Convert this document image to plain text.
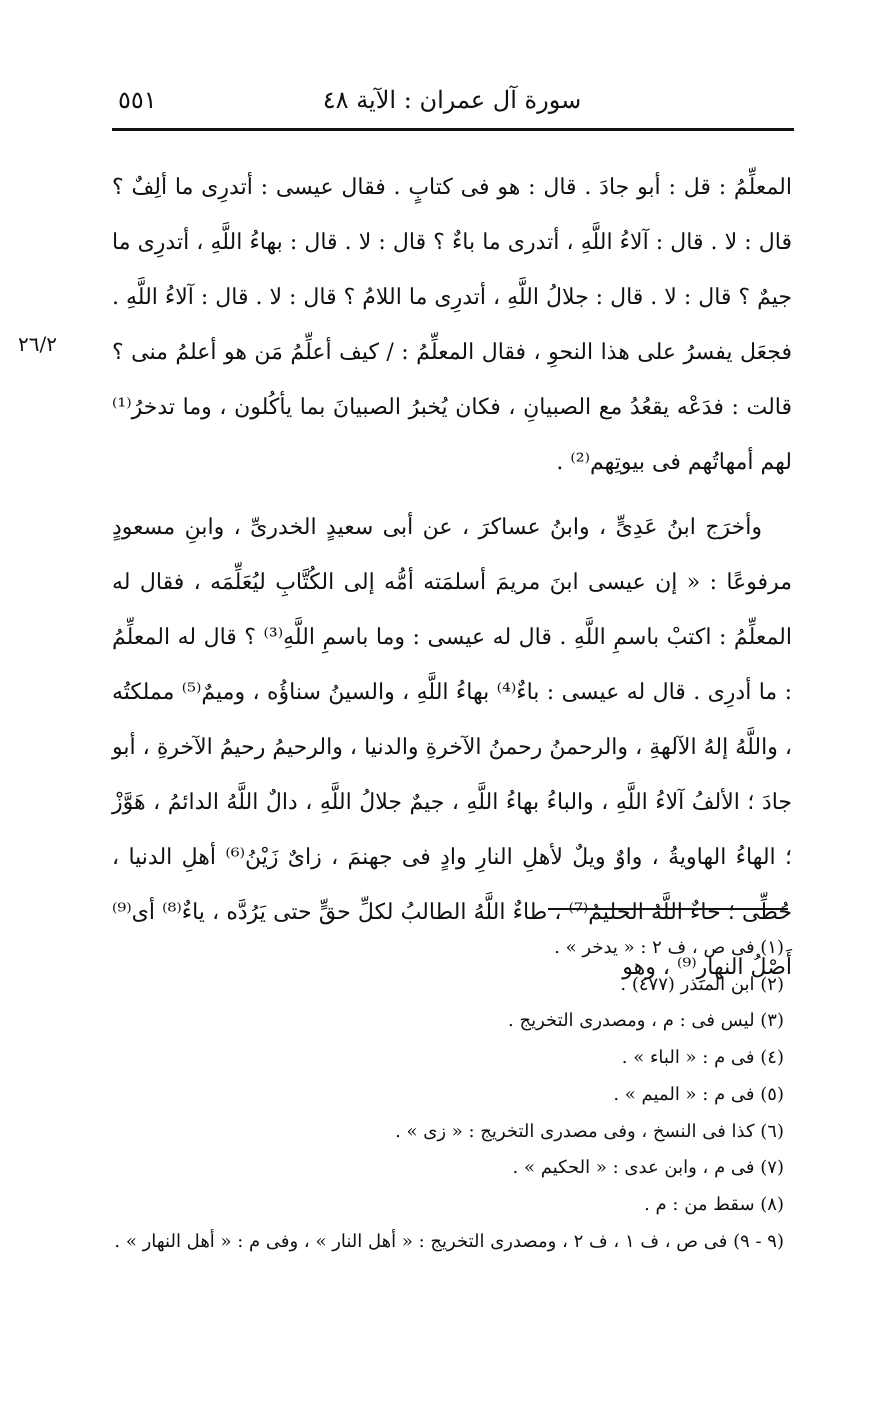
٥٥١	سورة آل عمران : الآية ٤٨
٢٦/٢

المعلِّمُ : قل : أبو جادَ . قال : هو فى كتابٍ . فقال عيسى : أتدرِى ما ألِفٌ ؟ قال : لا . قال : آلاءُ اللَّهِ ، أتدرى ما باءٌ ؟ قال : لا . قال : بهاءُ اللَّهِ ، أتدرِى ما جيمٌ ؟ قال : لا . قال : جلالُ اللَّهِ ، أتدرِى ما اللامُ ؟ قال : لا . قال : آلاءُ اللَّهِ . فجعَل يفسرُ على هذا النحوِ ، فقال المعلِّمُ : / كيف أعلِّمُ مَن هو أعلمُ منى ؟ قالت : فدَعْه يقعُدُ مع الصبيانِ ، فكان يُخبرُ الصبيانَ بما يأكُلون ، وما تدخرُ⁽¹⁾ لهم أمهاتُهم فى بيوتِهم⁽²⁾ .

وأخرَج ابنُ عَدِىٍّ ، وابنُ عساكرَ ، عن أبى سعيدٍ الخدرىِّ ، وابنِ مسعودٍ مرفوعًا : « إن عيسى ابنَ مريمَ أسلمَته أمُّه إلى الكُتَّابِ ليُعَلِّمَه ، فقال له المعلِّمُ : اكتبْ باسمِ اللَّهِ . قال له عيسى : وما باسمِ اللَّهِ⁽³⁾ ؟ قال له المعلِّمُ : ما أدرِى . قال له عيسى : باءٌ⁽⁴⁾ بهاءُ اللَّهِ ، والسينُ سناؤُه ، وميمٌ⁽⁵⁾ مملكتُه ، واللَّهُ إلهُ الآلهةِ ، والرحمنُ رحمنُ الآخرةِ والدنيا ، والرحيمُ رحيمُ الآخرةِ ، أبو جادَ ؛ الألفُ آلاءُ اللَّهِ ، والباءُ بهاءُ اللَّهِ ، جيمٌ جلالُ اللَّهِ ، دالٌ اللَّهُ الدائمُ ، هَوَّزْ ؛ الهاءُ الهاويةُ ، واوٌ ويلٌ لأهلِ النارِ وادٍ فى جهنمَ ، زاىٌ زَيْنُ⁽⁶⁾ أهلِ الدنيا ، حُطِّى ؛ حاءٌ اللَّهُ الحليمُ⁽⁷⁾ ، طاءٌ اللَّهُ الطالبُ لكلِّ حقٍّ حتى يَرُدَّه ، ياءٌ⁽⁸⁾ أى⁽⁹⁾ أَصْلُ النهارِ⁽⁹⁾ ، وهو

(١) فى ص ، ف ٢ : « يدخر » .

(٢) ابن المنذر (٤٧٧) .

(٣) ليس فى : م ، ومصدرى التخريج .

(٤) فى م : « الباء » .

(٥) فى م : « الميم » .

(٦) كذا فى النسخ ، وفى مصدرى التخريج : « زى » .

(٧) فى م ، وابن عدى : « الحكيم » .

(٨) سقط من : م .

(٩ - ٩) فى ص ، ف ١ ، ف ٢ ، ومصدرى التخريج : « أهل النار » ، وفى م : « أهل النهار » .
